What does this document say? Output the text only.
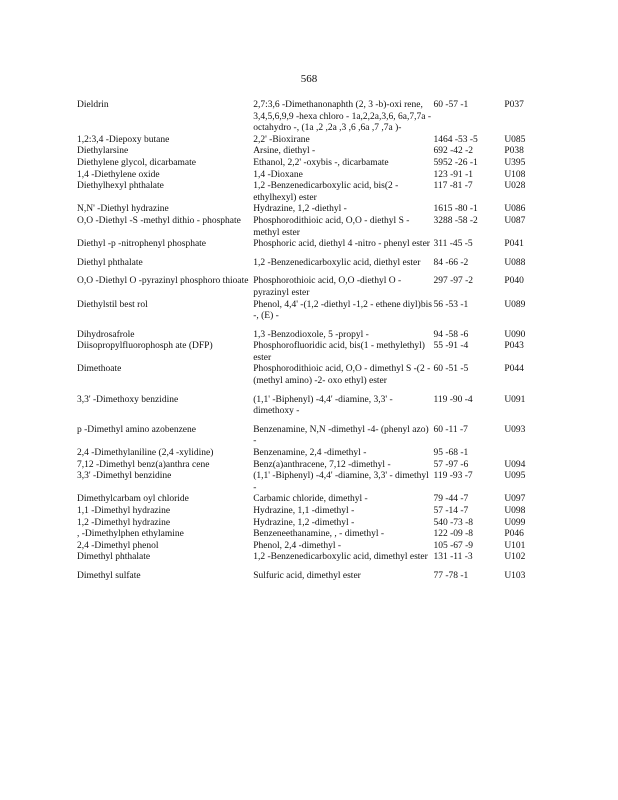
568
Dieldrin	2,7:3,6 -Dimethanonaphth (2, 3 -b)-oxi rene, 3,4,5,6,9,9 -hexa chloro - 1a,2,2a,3,6, 6a,7,7a -octahydro -, (1a ,2 ,2a ,3 ,6 ,6a ,7 ,7a )-	60 -57 -1	P037
1,2:3,4 -Diepoxy butane	2,2' -Bioxirane	1464 -53 -5	U085
Diethylarsine	Arsine, diethyl -	692 -42 -2	P038
Diethylene glycol, dicarbamate	Ethanol, 2,2' -oxybis -, dicarbamate	5952 -26 -1	U395
1,4 -Diethylene oxide	1,4 -Dioxane	123 -91 -1	U108
Diethylhexyl phthalate	1,2 -Benzenedicarboxylic acid, bis(2 -ethylhexyl) ester	117 -81 -7	U028
N,N' -Diethyl hydrazine	Hydrazine, 1,2 -diethyl -	1615 -80 -1	U086
O,O -Diethyl -S -methyl dithio - phosphate	Phosphorodithioic acid, O,O - diethyl S -methyl ester	3288 -58 -2	U087
Diethyl -p -nitrophenyl phosphate	Phosphoric acid, diethyl 4 -nitro - phenyl ester	311 -45 -5	P041
Diethyl phthalate	1,2 -Benzenedicarboxylic acid, diethyl ester	84 -66 -2	U088
O,O -Diethyl O -pyrazinyl phosphoro thioate	Phosphorothioic acid, O,O -diethyl O -pyrazinyl ester	297 -97 -2	P040
Diethylstil best rol	Phenol, 4,4' -(1,2 -diethyl -1,2 - ethene diyl)bis -, (E) -	56 -53 -1	U089
Dihydrosafrole	1,3 -Benzodioxole, 5 -propyl -	94 -58 -6	U090
Diisopropylfluorophosph ate (DFP)	Phosphorofluoridic acid, bis(1 - methylethyl) ester	55 -91 -4	P043
Dimethoate	Phosphorodithioic acid, O,O - dimethyl S -(2 -(methyl amino) -2- oxo ethyl) ester	60 -51 -5	P044
3,3' -Dimethoxy benzidine	(1,1' -Biphenyl) -4,4' -diamine, 3,3' - dimethoxy -	119 -90 -4	U091
p -Dimethyl amino azobenzene	Benzenamine, N,N -dimethyl -4- (phenyl azo) -	60 -11 -7	U093
2,4 -Dimethylaniline (2,4 -xylidine)	Benzenamine, 2,4 -dimethyl -	95 -68 -1	
7,12 -Dimethyl benz(a)anthra cene	Benz(a)anthracene, 7,12 -dimethyl -	57 -97 -6	U094
3,3' -Dimethyl benzidine	(1,1' -Biphenyl) -4,4' -diamine, 3,3' - dimethyl -	119 -93 -7	U095
Dimethylcarbam oyl chloride	Carbamic chloride, dimethyl -	79 -44 -7	U097
1,1 -Dimethyl hydrazine	Hydrazine, 1,1 -dimethyl -	57 -14 -7	U098
1,2 -Dimethyl hydrazine	Hydrazine, 1,2 -dimethyl -	540 -73 -8	U099
, -Dimethylphen ethylamine	Benzeneethanamine, , - dimethyl -	122 -09 -8	P046
2,4 -Dimethyl phenol	Phenol, 2,4 -dimethyl -	105 -67 -9	U101
Dimethyl phthalate	1,2 -Benzenedicarboxylic acid, dimethyl ester	131 -11 -3	U102
Dimethyl sulfate	Sulfuric acid, dimethyl ester	77 -78 -1	U103
